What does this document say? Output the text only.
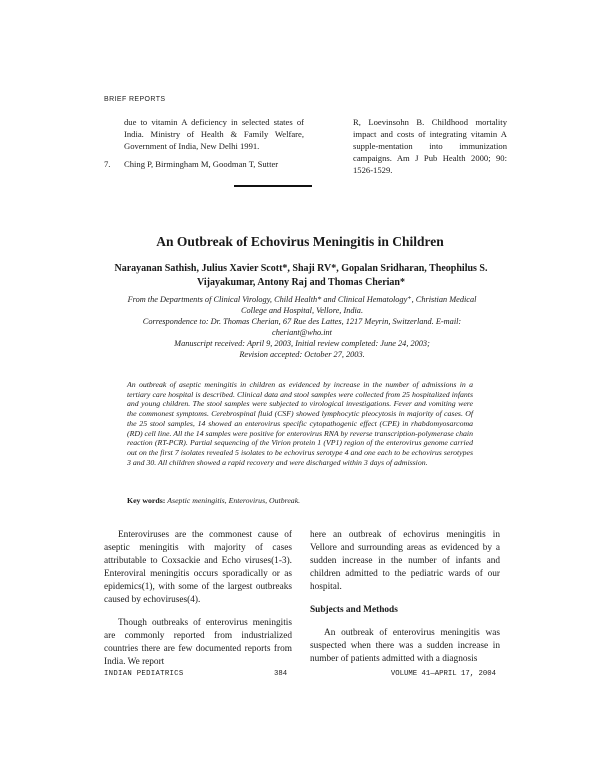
BRIEF REPORTS
due to vitamin A deficiency in selected states of India. Ministry of Health & Family Welfare, Government of India, New Delhi 1991.
7.	Ching P, Birmingham M, Goodman T, Sutter
R, Loevinsohn B. Childhood mortality impact and costs of integrating vitamin A supple-mentation into immunization campaigns. Am J Pub Health 2000; 90: 1526-1529.
An Outbreak of Echovirus Meningitis in Children
Narayanan Sathish, Julius Xavier Scott*, Shaji RV*, Gopalan Sridharan, Theophilus S. Vijayakumar, Antony Raj and Thomas Cherian*
From the Departments of Clinical Virology, Child Health* and Clinical Hematology⁺, Christian Medical College and Hospital, Vellore, India.
Correspondence to: Dr. Thomas Cherian, 67 Rue des Lattes, 1217 Meyrin, Switzerland. E-mail: cheriant@who.int
Manuscript received: April 9, 2003, Initial review completed: June 24, 2003;
Revision accepted: October 27, 2003.
An outbreak of aseptic meningitis in children as evidenced by increase in the number of admissions in a tertiary care hospital is described. Clinical data and stool samples were collected from 25 hospitalized infants and young children. The stool samples were subjected to virological investigations. Fever and vomiting were the commonest symptoms. Cerebrospinal fluid (CSF) showed lymphocytic pleocytosis in majority of cases. Of the 25 stool samples, 14 showed an enterovirus specific cytopathogenic effect (CPE) in rhabdomyosarcoma (RD) cell line. All the 14 samples were positive for enterovirus RNA by reverse transcription-polymerase chain reaction (RT-PCR). Partial sequencing of the Virion protein 1 (VP1) region of the enterovirus genome carried out on the first 7 isolates revealed 5 isolates to be echovirus serotype 4 and one each to be echovirus serotypes 3 and 30. All children showed a rapid recovery and were discharged within 3 days of admission.
Key words: Aseptic meningitis, Enterovirus, Outbreak.

Enteroviruses are the commonest cause of aseptic meningitis with majority of cases attributable to Coxsackie and Echo viruses(1-3). Enteroviral meningitis occurs sporadically or as epidemics(1), with some of the largest outbreaks caused by echoviruses(4).

Though outbreaks of enterovirus meningitis are commonly reported from industrialized countries there are few documented reports from India. We report

here an outbreak of echovirus meningitis in Vellore and surrounding areas as evidenced by a sudden increase in the number of infants and children admitted to the pediatric wards of our hospital.

Subjects and Methods

An outbreak of enterovirus meningitis was suspected when there was a sudden increase in number of patients admitted with a diagnosis

INDIAN PEDIATRICS	384	VOLUME 41—APRIL 17, 2004
